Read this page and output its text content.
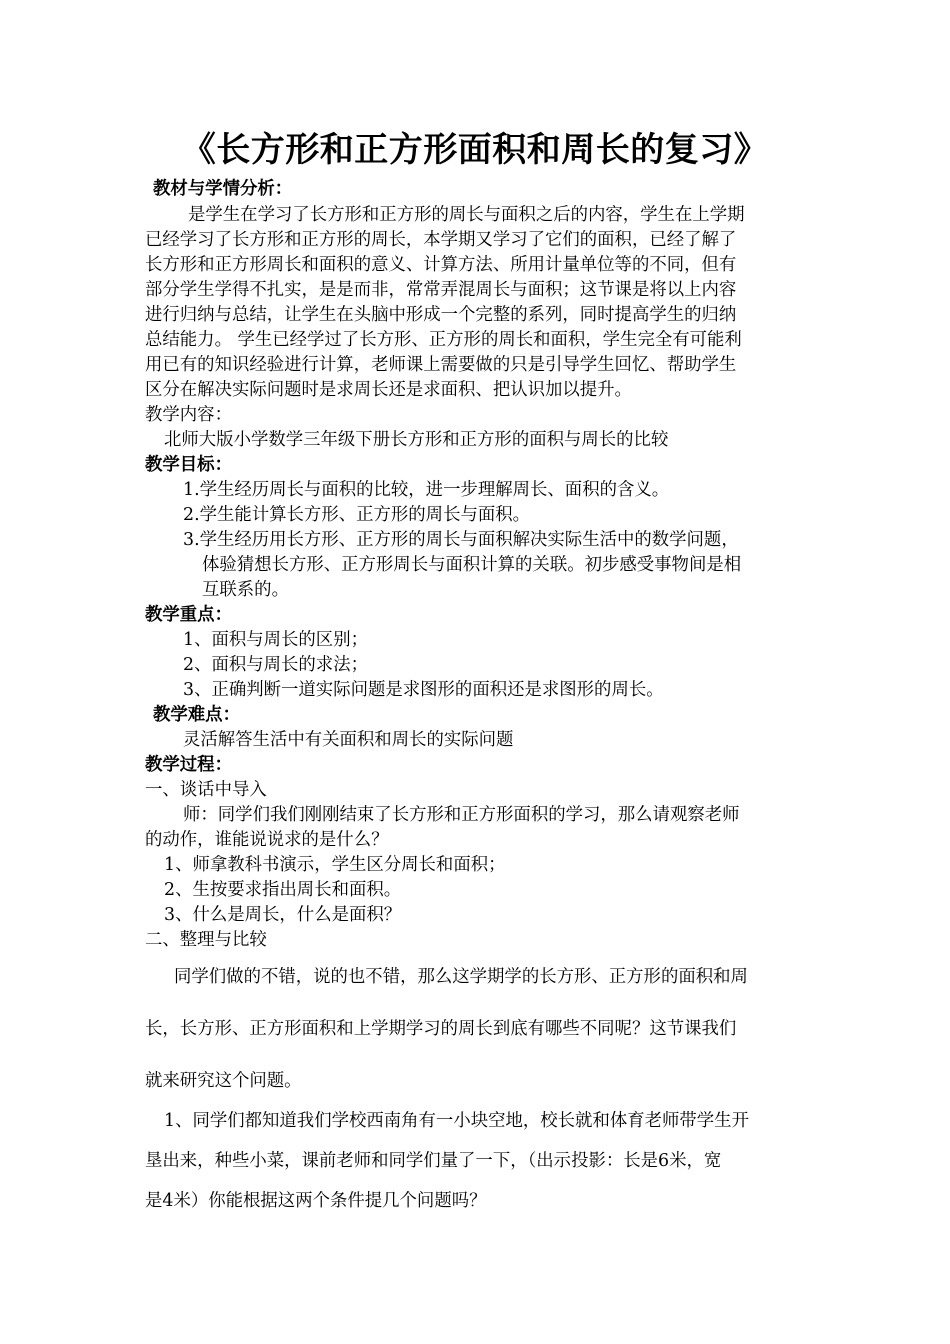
《长方形和正方形面积和周长的复习》
教材与学情分析：
是学生在学习了长方形和正方形的周长与面积之后的内容，学生在上学期
已经学习了长方形和正方形的周长，本学期又学习了它们的面积，已经了解了
长方形和正方形周长和面积的意义、计算方法、所用计量单位等的不同，但有
部分学生学得不扎实，是是而非，常常弄混周长与面积；这节课是将以上内容
进行归纳与总结，让学生在头脑中形成一个完整的系列，同时提高学生的归纳
总结能力。 学生已经学过了长方形、正方形的周长和面积，学生完全有可能利
用已有的知识经验进行计算，老师课上需要做的只是引导学生回忆、帮助学生
区分在解决实际问题时是求周长还是求面积、把认识加以提升。
教学内容：
北师大版小学数学三年级下册长方形和正方形的面积与周长的比较
教学目标：
1.学生经历周长与面积的比较，进一步理解周长、面积的含义。
2.学生能计算长方形、正方形的周长与面积。
3.学生经历用长方形、正方形的周长与面积解决实际生活中的数学问题，
体验猜想长方形、正方形周长与面积计算的关联。初步感受事物间是相
互联系的。
教学重点：
1、面积与周长的区别；
2、面积与周长的求法；
3、正确判断一道实际问题是求图形的面积还是求图形的周长。
教学难点：
灵活解答生活中有关面积和周长的实际问题
教学过程：
一、谈话中导入
师：同学们我们刚刚结束了长方形和正方形面积的学习，那么请观察老师
的动作，谁能说说求的是什么？
1、师拿教科书演示，学生区分周长和面积；
2、生按要求指出周长和面积。
3、什么是周长，什么是面积？
二、整理与比较
同学们做的不错，说的也不错，那么这学期学的长方形、正方形的面积和周
长，长方形、正方形面积和上学期学习的周长到底有哪些不同呢？这节课我们
就来研究这个问题。
1、同学们都知道我们学校西南角有一小块空地，校长就和体育老师带学生开
垦出来，种些小菜，课前老师和同学们量了一下，（出示投影：长是6米，宽
是4米）你能根据这两个条件提几个问题吗？
